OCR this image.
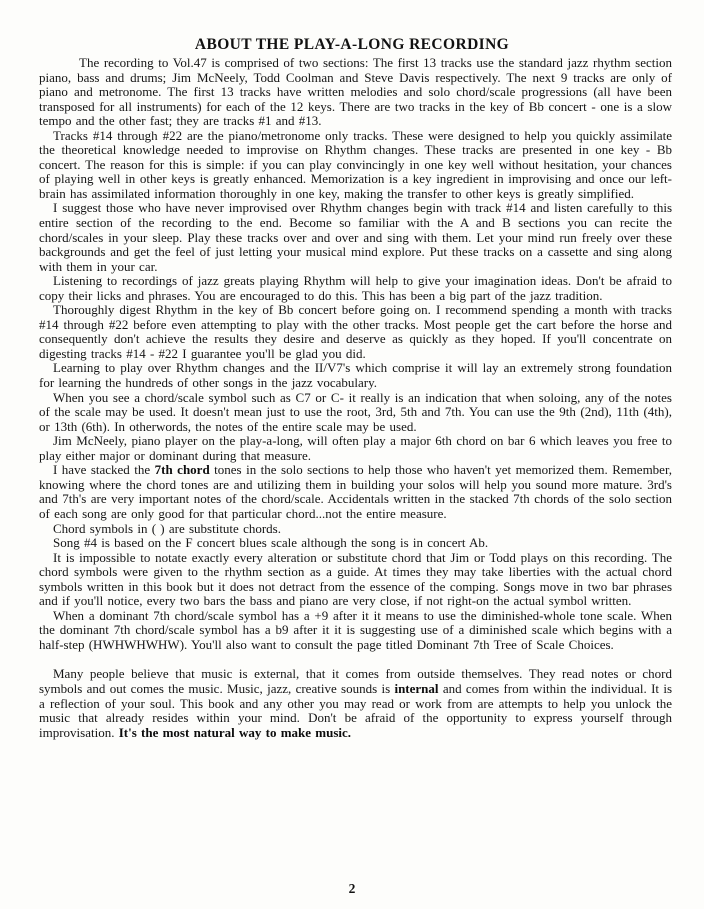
ABOUT THE PLAY-A-LONG RECORDING

The recording to Vol.47 is comprised of two sections: The first 13 tracks use the standard jazz rhythm section piano, bass and drums; Jim McNeely, Todd Coolman and Steve Davis respectively. The next 9 tracks are only of piano and metronome. The first 13 tracks have written melodies and solo chord/scale progressions (all have been transposed for all instruments) for each of the 12 keys. There are two tracks in the key of Bb concert - one is a slow tempo and the other fast; they are tracks #1 and #13.

Tracks #14 through #22 are the piano/metronome only tracks. These were designed to help you quickly assimilate the theoretical knowledge needed to improvise on Rhythm changes. These tracks are presented in one key - Bb concert. The reason for this is simple: if you can play convincingly in one key well without hesitation, your chances of playing well in other keys is greatly enhanced. Memorization is a key ingredient in improvising and once our left-brain has assimilated information thoroughly in one key, making the transfer to other keys is greatly simplified.

I suggest those who have never improvised over Rhythm changes begin with track #14 and listen carefully to this entire section of the recording to the end. Become so familiar with the A and B sections you can recite the chord/scales in your sleep. Play these tracks over and over and sing with them. Let your mind run freely over these backgrounds and get the feel of just letting your musical mind explore. Put these tracks on a cassette and sing along with them in your car.

Listening to recordings of jazz greats playing Rhythm will help to give your imagination ideas. Don't be afraid to copy their licks and phrases. You are encouraged to do this. This has been a big part of the jazz tradition.

Thoroughly digest Rhythm in the key of Bb concert before going on. I recommend spending a month with tracks #14 through #22 before even attempting to play with the other tracks. Most people get the cart before the horse and consequently don't achieve the results they desire and deserve as quickly as they hoped. If you'll concentrate on digesting tracks #14 - #22 I guarantee you'll be glad you did.

Learning to play over Rhythm changes and the II/V7's which comprise it will lay an extremely strong foundation for learning the hundreds of other songs in the jazz vocabulary.

When you see a chord/scale symbol such as C7 or C- it really is an indication that when soloing, any of the notes of the scale may be used. It doesn't mean just to use the root, 3rd, 5th and 7th. You can use the 9th (2nd), 11th (4th), or 13th (6th). In otherwords, the notes of the entire scale may be used.

Jim McNeely, piano player on the play-a-long, will often play a major 6th chord on bar 6 which leaves you free to play either major or dominant during that measure.

I have stacked the 7th chord tones in the solo sections to help those who haven't yet memorized them. Remember, knowing where the chord tones are and utilizing them in building your solos will help you sound more mature. 3rd's and 7th's are very important notes of the chord/scale. Accidentals written in the stacked 7th chords of the solo section of each song are only good for that particular chord...not the entire measure.

Chord symbols in ( ) are substitute chords.

Song #4 is based on the F concert blues scale although the song is in concert Ab.

It is impossible to notate exactly every alteration or substitute chord that Jim or Todd plays on this recording. The chord symbols were given to the rhythm section as a guide. At times they may take liberties with the actual chord symbols written in this book but it does not detract from the essence of the comping. Songs move in two bar phrases and if you'll notice, every two bars the bass and piano are very close, if not right-on the actual symbol written.

When a dominant 7th chord/scale symbol has a +9 after it it means to use the diminished-whole tone scale. When the dominant 7th chord/scale symbol has a b9 after it it is suggesting use of a diminished scale which begins with a half-step (HWHWHWHW). You'll also want to consult the page titled Dominant 7th Tree of Scale Choices.

Many people believe that music is external, that it comes from outside themselves. They read notes or chord symbols and out comes the music. Music, jazz, creative sounds is internal and comes from within the individual. It is a reflection of your soul. This book and any other you may read or work from are attempts to help you unlock the music that already resides within your mind. Don't be afraid of the opportunity to express yourself through improvisation. It's the most natural way to make music.

2
